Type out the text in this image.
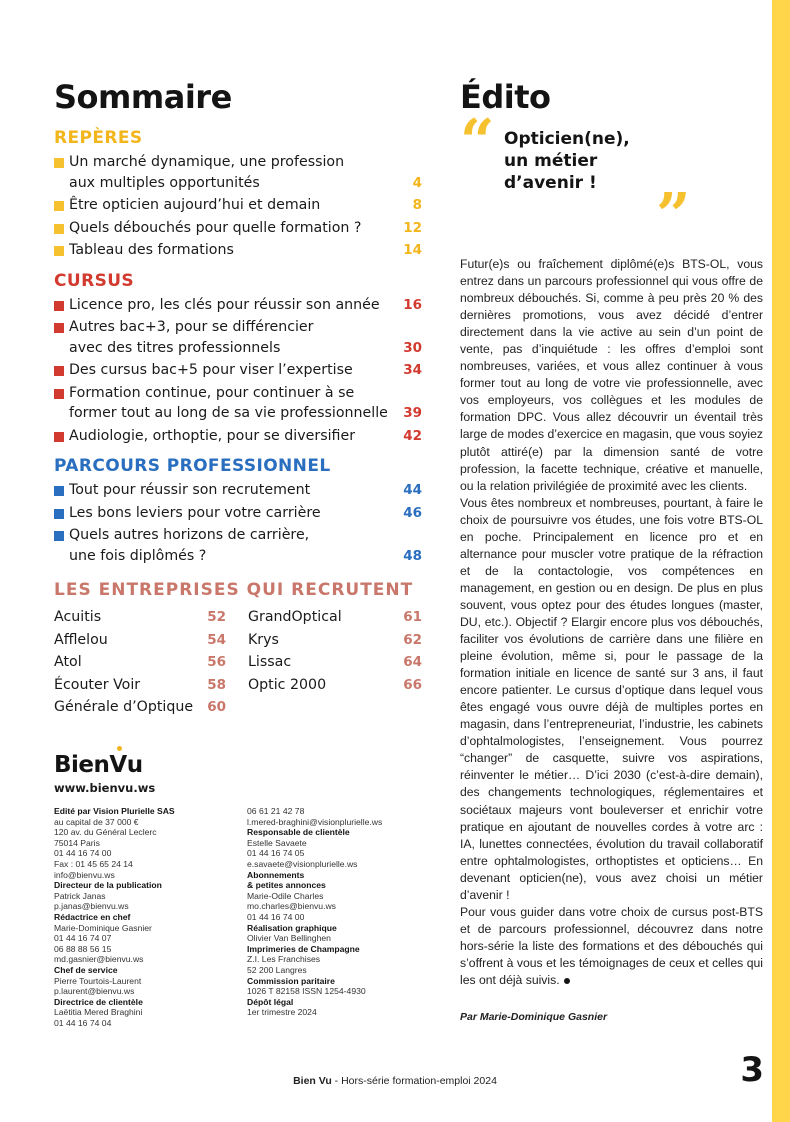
Sommaire
REPÈRES
Un marché dynamique, une profession
aux multiples opportunités	4
Être opticien aujourd’hui et demain	8
Quels débouchés pour quelle formation ?	12
Tableau des formations	14
CURSUS
Licence pro, les clés pour réussir son année	16
Autres bac+3, pour se différencier
avec des titres professionnels	30
Des cursus bac+5 pour viser l’expertise	34
Formation continue, pour continuer à se
former tout au long de sa vie professionnelle	39
Audiologie, orthoptie, pour se diversifier	42
PARCOURS PROFESSIONNEL
Tout pour réussir son recrutement	44
Les bons leviers pour votre carrière	46
Quels autres horizons de carrière,
une fois diplômés ?	48
LES ENTREPRISES QUI RECRUTENT
Acuitis	52
Afflelou	54
Atol	56
Écouter Voir	58
Générale d’Optique 60
GrandOptical	61
Krys	62
Lissac	64
Optic 2000	66
BienV
u
www.bienvu.ws
Edité par Vision Plurielle SAS
au capital de 37 000 €
120 av. du Général Leclerc
75014 Paris
01 44 16 74 00
Fax : 01 45 65 24 14
info@bienvu.ws
Directeur de la publication
Patrick Janas
p.janas@bienvu.ws
Rédactrice en chef
Marie-Dominique Gasnier
01 44 16 74 07
06 88 88 56 15
md.gasnier@bienvu.ws
Chef de service
Pierre Tourtois-Laurent
p.laurent@bienvu.ws
Directrice de clientèle
Laëtitia Mered Braghini
01 44 16 74 04
06 61 21 42 78
l.mered-braghini@visionplurielle.ws
Responsable de clientèle
Estelle Savaete
01 44 16 74 05
e.savaete@visionplurielle.ws
Abonnements
& petites annonces
Marie-Odile Charles
mo.charles@bienvu.ws
01 44 16 74 00
Réalisation graphique
Olivier Van Bellinghen
Imprimeries de Champagne
Z.I. Les Franchises
52 200 Langres
Commission paritaire
1026 T 82158 ISSN 1254-4930
Dépôt légal
1er trimestre 2024
Édito
“ Opticien(ne),
un métier
d’avenir ! ”

Futur(e)s ou fraîchement diplômé(e)s BTS-OL, vous entrez dans un parcours professionnel qui vous offre de nombreux débouchés. Si, comme à peu près 20 % des dernières promotions, vous avez décidé d’entrer directement dans la vie active au sein d’un point de vente, pas d’inquiétude : les offres d’emploi sont nombreuses, variées, et vous allez continuer à vous former tout au long de votre vie professionnelle, avec vos employeurs, vos collègues et les modules de formation DPC. Vous allez découvrir un éventail très large de modes d’exercice en magasin, que vous soyiez plutôt attiré(e) par la dimension santé de votre profession, la facette technique, créative et manuelle, ou la relation privilégiée de proximité avec les clients.

Vous êtes nombreux et nombreuses, pourtant, à faire le choix de poursuivre vos études, une fois votre BTS-OL en poche. Principalement en licence pro et en alternance pour muscler votre pratique de la réfraction et de la contactologie, vos compétences en management, en gestion ou en design. De plus en plus souvent, vous optez pour des études longues (master, DU, etc.). Objectif ? Elargir encore plus vos débouchés, faciliter vos évolutions de carrière dans une filière en pleine évolution, même si, pour le passage de la formation initiale en licence de santé sur 3 ans, il faut encore patienter. Le cursus d’optique dans lequel vous êtes engagé vous ouvre déjà de multiples portes en magasin, dans l’entrepreneuriat, l’industrie, les cabinets d’ophtalmologistes, l’enseignement. Vous pourrez “changer” de casquette, suivre vos aspirations, réinventer le métier… D’ici 2030 (c’est-à-dire demain), des changements technologiques, réglementaires et sociétaux majeurs vont bouleverser et enrichir votre pratique en ajoutant de nouvelles cordes à votre arc : IA, lunettes connectées, évolution du travail collaboratif entre ophtalmologistes, orthoptistes et opticiens… En devenant opticien(ne), vous avez choisi un métier d’avenir !

Pour vous guider dans votre choix de cursus post-BTS et de parcours professionnel, découvrez dans notre hors-série la liste des formations et des débouchés qui s’offrent à vous et les témoignages de ceux et celles qui les ont déjà suivis.

Par Marie-Dominique Gasnier
Bien Vu - Hors-série formation-emploi 2024	3
